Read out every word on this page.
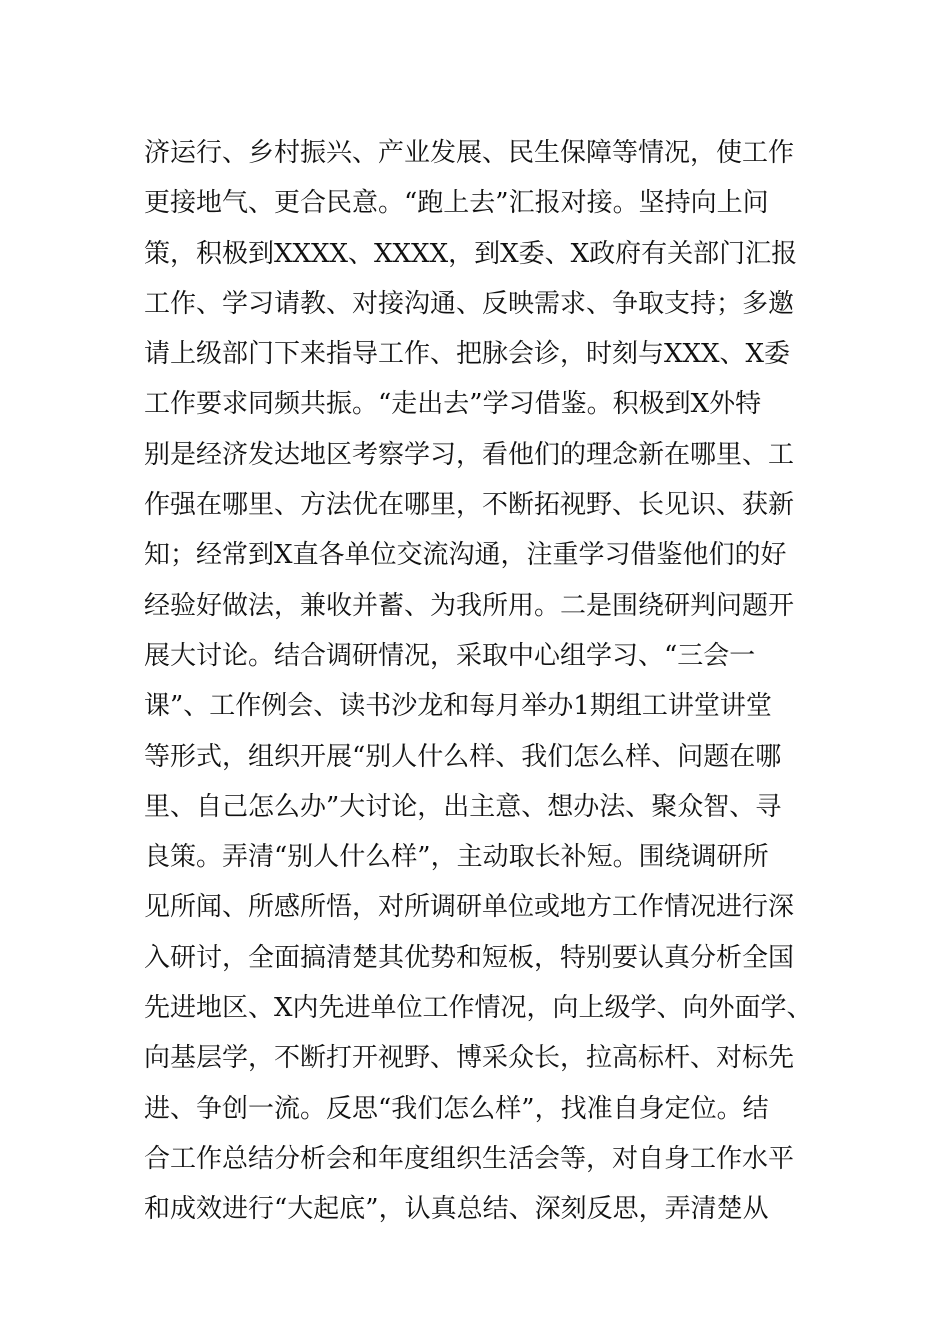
济运行、乡村振兴、产业发展、民生保障等情况，使工作
更接地气、更合民意。“跑上去”汇报对接。坚持向上问
策，积极到XXXX、XXXX，到X委、X政府有关部门汇报
工作、学习请教、对接沟通、反映需求、争取支持；多邀
请上级部门下来指导工作、把脉会诊，时刻与XXX、X委
工作要求同频共振。“走出去”学习借鉴。积极到X外特
别是经济发达地区考察学习，看他们的理念新在哪里、工
作强在哪里、方法优在哪里，不断拓视野、长见识、获新
知；经常到X直各单位交流沟通，注重学习借鉴他们的好
经验好做法，兼收并蓄、为我所用。二是围绕研判问题开
展大讨论。结合调研情况，采取中心组学习、“三会一
课”、工作例会、读书沙龙和每月举办1期组工讲堂讲堂
等形式，组织开展“别人什么样、我们怎么样、问题在哪
里、自己怎么办”大讨论，出主意、想办法、聚众智、寻
良策。弄清“别人什么样”，主动取长补短。围绕调研所
见所闻、所感所悟，对所调研单位或地方工作情况进行深
入研讨，全面搞清楚其优势和短板，特别要认真分析全国
先进地区、X内先进单位工作情况，向上级学、向外面学、
向基层学，不断打开视野、博采众长，拉高标杆、对标先
进、争创一流。反思“我们怎么样”，找准自身定位。结
合工作总结分析会和年度组织生活会等，对自身工作水平
和成效进行“大起底”，认真总结、深刻反思，弄清楚从
